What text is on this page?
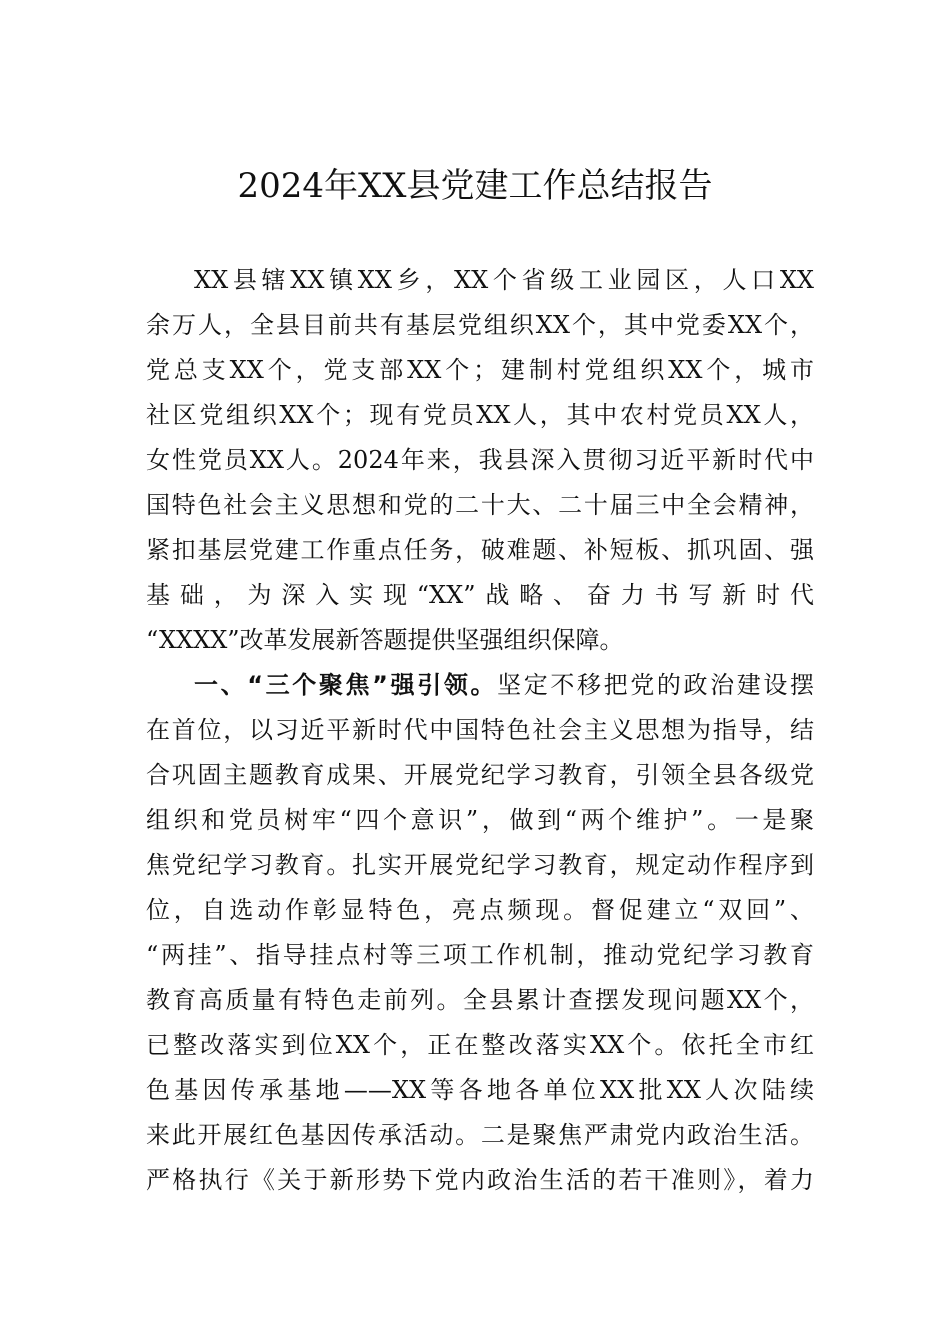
2024年XX县党建工作总结报告
XX县辖XX镇XX乡，XX个省级工业园区，人口XX
余万人，全县目前共有基层党组织XX个，其中党委XX个，
党总支XX个，党支部XX个；建制村党组织XX个，城市
社区党组织XX个；现有党员XX人，其中农村党员XX人，
女性党员XX人。2024年来，我县深入贯彻习近平新时代中
国特色社会主义思想和党的二十大、二十届三中全会精神，
紧扣基层党建工作重点任务，破难题、补短板、抓巩固、强
基础，为深入实现“XX”战略、奋力书写新时代
“XXXX”改革发展新答题提供坚强组织保障。
一、“三个聚焦”强引领。坚定不移把党的政治建设摆
在首位，以习近平新时代中国特色社会主义思想为指导，结
合巩固主题教育成果、开展党纪学习教育，引领全县各级党
组织和党员树牢“四个意识”，做到“两个维护”。一是聚
焦党纪学习教育。扎实开展党纪学习教育，规定动作程序到
位，自选动作彰显特色，亮点频现。督促建立“双回”、
“两挂”、指导挂点村等三项工作机制，推动党纪学习教育
教育高质量有特色走前列。全县累计查摆发现问题XX个，
已整改落实到位XX个，正在整改落实XX个。依托全市红
色基因传承基地——XX等各地各单位XX批XX人次陆续
来此开展红色基因传承活动。二是聚焦严肃党内政治生活。
严格执行《关于新形势下党内政治生活的若干准则》，着力
